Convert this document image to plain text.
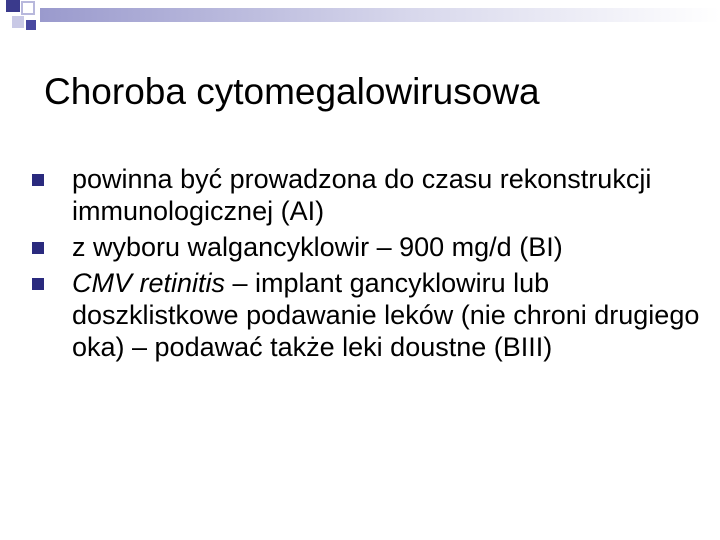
Choroba cytomegalowirusowa
powinna być prowadzona do czasu rekonstrukcji immunologicznej (AI)
z wyboru walgancyklowir – 900 mg/d (BI)
CMV retinitis – implant gancyklowiru lub doszklistkowe podawanie leków (nie chroni drugiego oka) – podawać także leki doustne (BIII)
